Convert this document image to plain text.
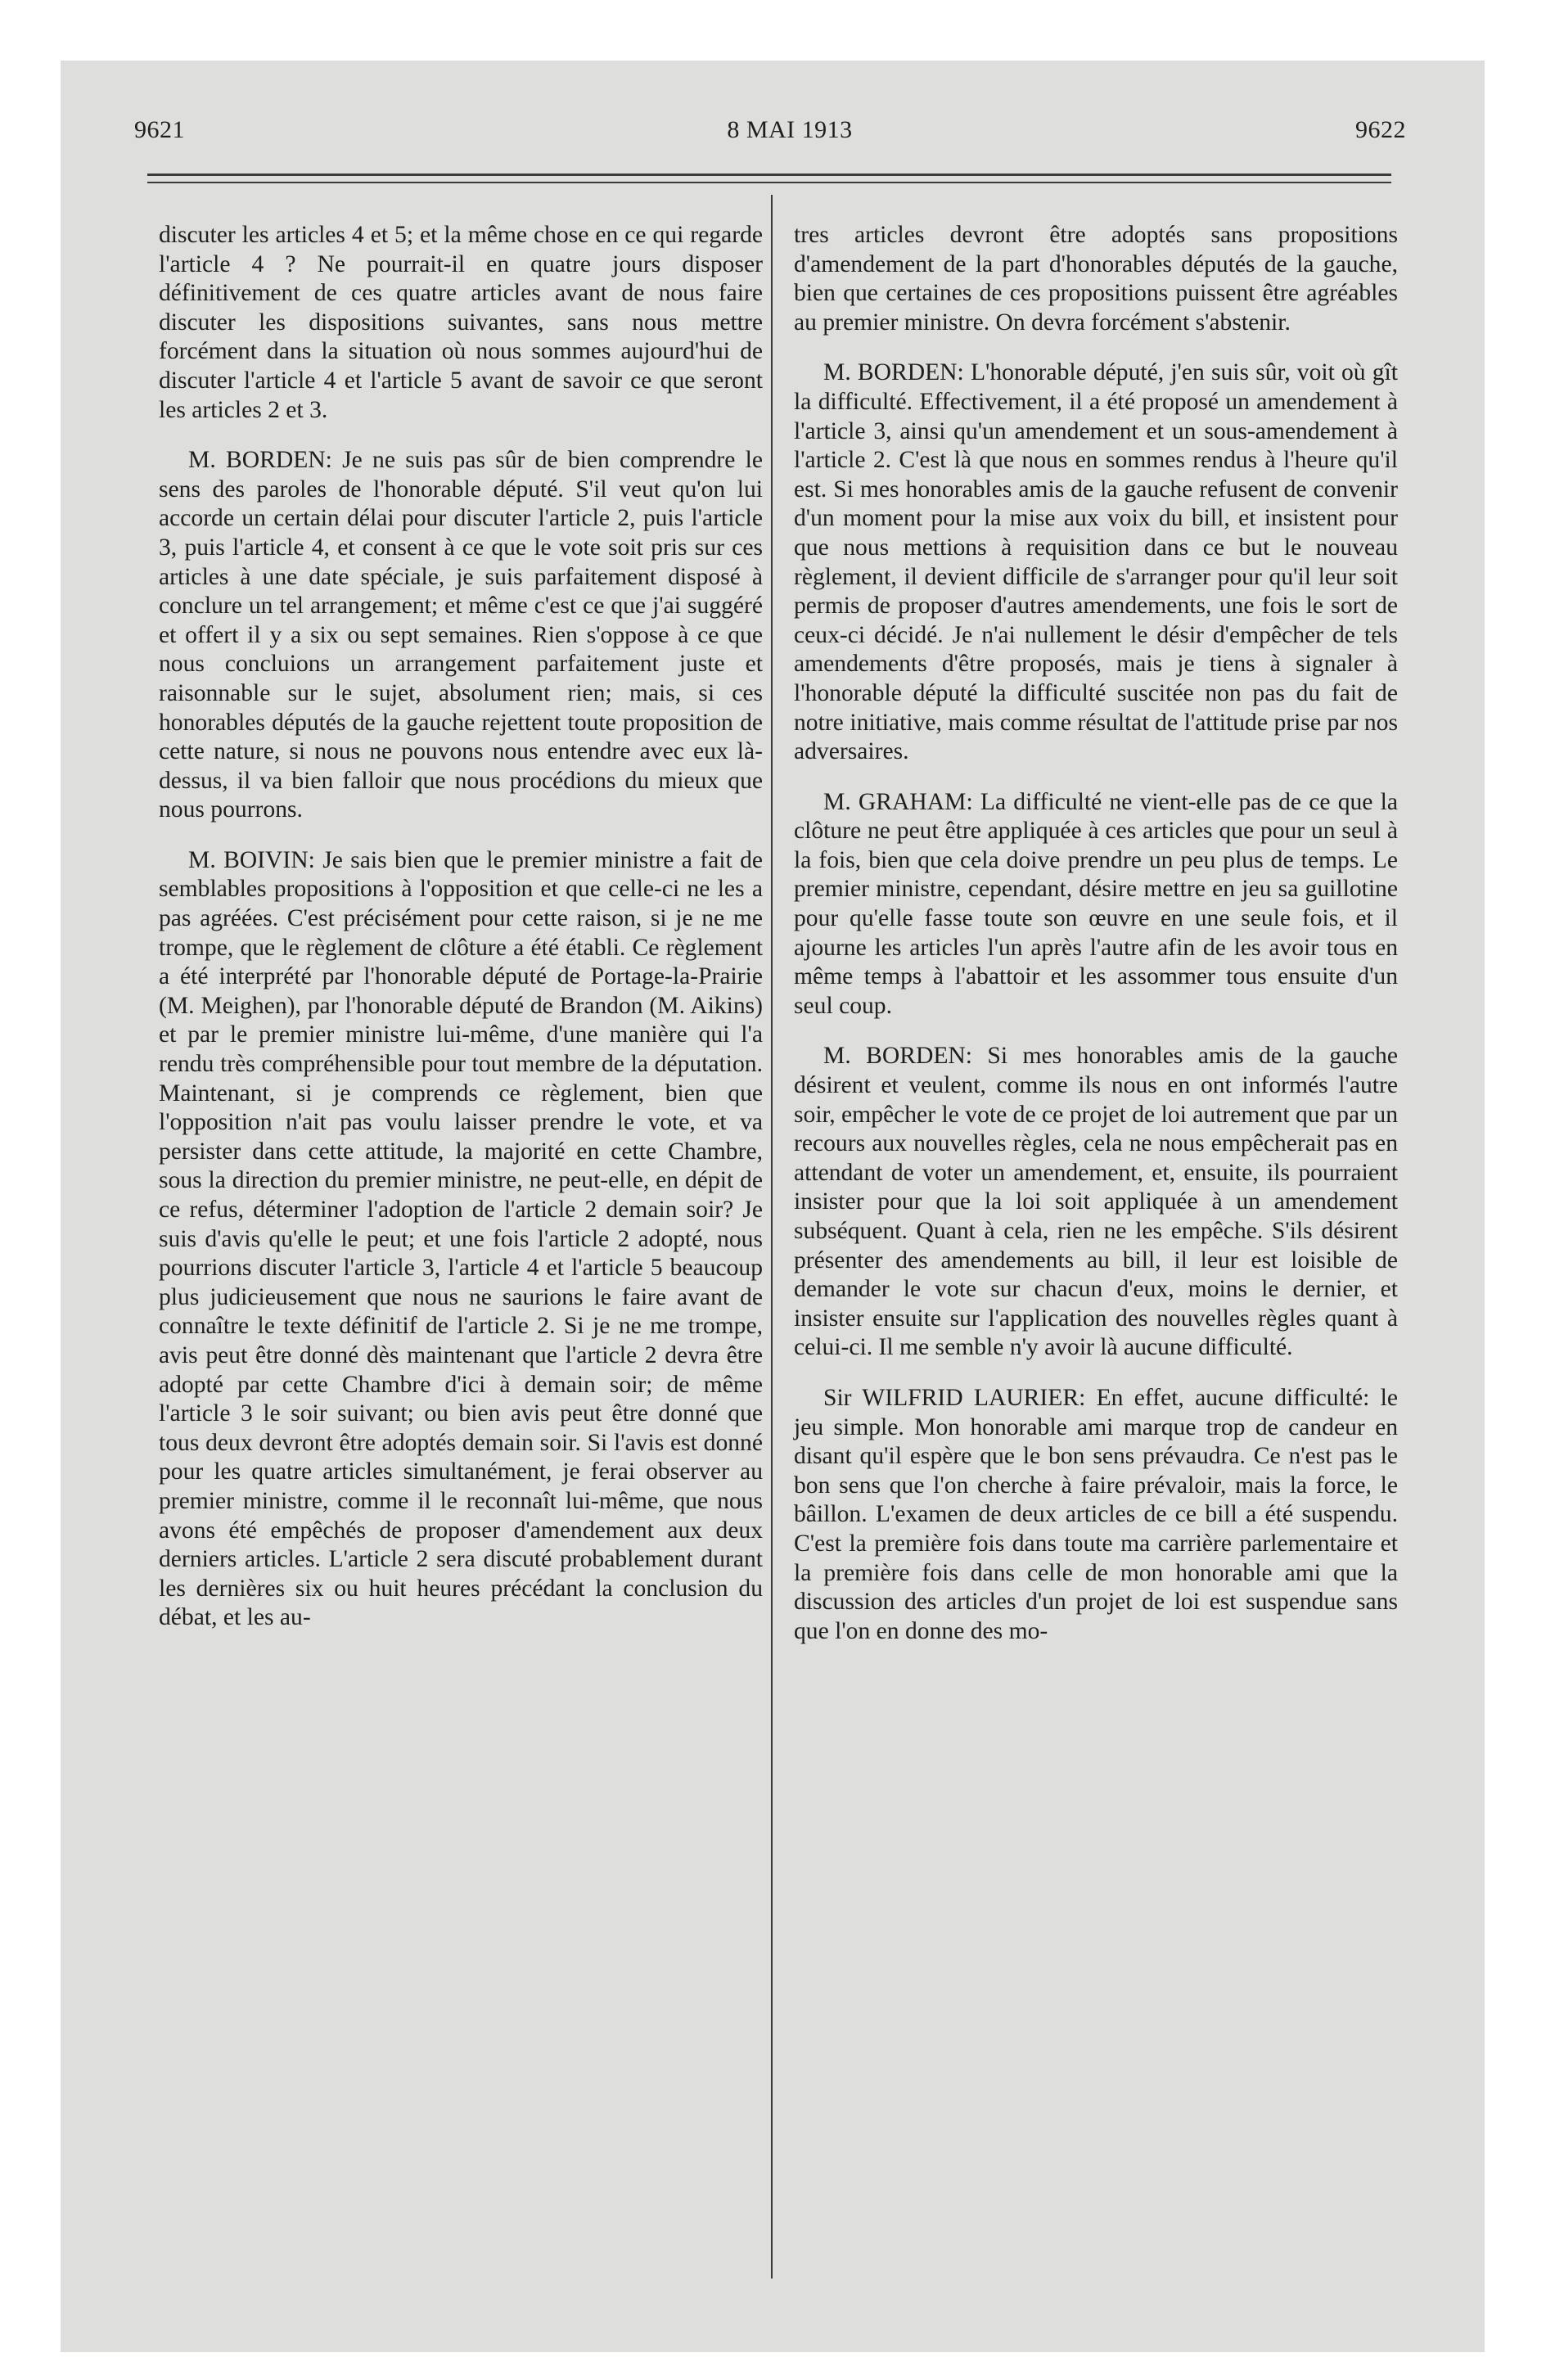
9621	8 MAI 1913	9622

discuter les articles 4 et 5; et la même chose en ce qui regarde l'article 4 ? Ne pourrait-il en quatre jours disposer définitivement de ces quatre articles avant de nous faire discuter les dispositions suivantes, sans nous mettre forcément dans la situation où nous sommes aujourd'hui de discuter l'article 4 et l'article 5 avant de savoir ce que seront les articles 2 et 3.

M. BORDEN: Je ne suis pas sûr de bien comprendre le sens des paroles de l'honorable député. S'il veut qu'on lui accorde un certain délai pour discuter l'article 2, puis l'article 3, puis l'article 4, et consent à ce que le vote soit pris sur ces articles à une date spéciale, je suis parfaitement disposé à conclure un tel arrangement; et même c'est ce que j'ai suggéré et offert il y a six ou sept semaines. Rien s'oppose à ce que nous concluions un arrangement parfaitement juste et raisonnable sur le sujet, absolument rien; mais, si ces honorables députés de la gauche rejettent toute proposition de cette nature, si nous ne pouvons nous entendre avec eux là-dessus, il va bien falloir que nous procédions du mieux que nous pourrons.

M. BOIVIN: Je sais bien que le premier ministre a fait de semblables propositions à l'opposition et que celle-ci ne les a pas agréées. C'est précisément pour cette raison, si je ne me trompe, que le règlement de clôture a été établi. Ce règlement a été interprété par l'honorable député de Portage-la-Prairie (M. Meighen), par l'honorable député de Brandon (M. Aikins) et par le premier ministre lui-même, d'une manière qui l'a rendu très compréhensible pour tout membre de la députation. Maintenant, si je comprends ce règlement, bien que l'opposition n'ait pas voulu laisser prendre le vote, et va persister dans cette attitude, la majorité en cette Chambre, sous la direction du premier ministre, ne peut-elle, en dépit de ce refus, déterminer l'adoption de l'article 2 demain soir? Je suis d'avis qu'elle le peut; et une fois l'article 2 adopté, nous pourrions discuter l'article 3, l'article 4 et l'article 5 beaucoup plus judicieusement que nous ne saurions le faire avant de connaître le texte définitif de l'article 2. Si je ne me trompe, avis peut être donné dès maintenant que l'article 2 devra être adopté par cette Chambre d'ici à demain soir; de même l'article 3 le soir suivant; ou bien avis peut être donné que tous deux devront être adoptés demain soir. Si l'avis est donné pour les quatre articles simultanément, je ferai observer au premier ministre, comme il le reconnaît lui-même, que nous avons été empêchés de proposer d'amendement aux deux derniers articles. L'article 2 sera discuté probablement durant les dernières six ou huit heures précédant la conclusion du débat, et les au-

tres articles devront être adoptés sans propositions d'amendement de la part d'honorables députés de la gauche, bien que certaines de ces propositions puissent être agréables au premier ministre. On devra forcément s'abstenir.

M. BORDEN: L'honorable député, j'en suis sûr, voit où gît la difficulté. Effectivement, il a été proposé un amendement à l'article 3, ainsi qu'un amendement et un sous-amendement à l'article 2. C'est là que nous en sommes rendus à l'heure qu'il est. Si mes honorables amis de la gauche refusent de convenir d'un moment pour la mise aux voix du bill, et insistent pour que nous mettions à requisition dans ce but le nouveau règlement, il devient difficile de s'arranger pour qu'il leur soit permis de proposer d'autres amendements, une fois le sort de ceux-ci décidé. Je n'ai nullement le désir d'empêcher de tels amendements d'être proposés, mais je tiens à signaler à l'honorable député la difficulté suscitée non pas du fait de notre initiative, mais comme résultat de l'attitude prise par nos adversaires.

M. GRAHAM: La difficulté ne vient-elle pas de ce que la clôture ne peut être appliquée à ces articles que pour un seul à la fois, bien que cela doive prendre un peu plus de temps. Le premier ministre, cependant, désire mettre en jeu sa guillotine pour qu'elle fasse toute son œuvre en une seule fois, et il ajourne les articles l'un après l'autre afin de les avoir tous en même temps à l'abattoir et les assommer tous ensuite d'un seul coup.

M. BORDEN: Si mes honorables amis de la gauche désirent et veulent, comme ils nous en ont informés l'autre soir, empêcher le vote de ce projet de loi autrement que par un recours aux nouvelles règles, cela ne nous empêcherait pas en attendant de voter un amendement, et, ensuite, ils pourraient insister pour que la loi soit appliquée à un amendement subséquent. Quant à cela, rien ne les empêche. S'ils désirent présenter des amendements au bill, il leur est loisible de demander le vote sur chacun d'eux, moins le dernier, et insister ensuite sur l'application des nouvelles règles quant à celui-ci. Il me semble n'y avoir là aucune difficulté.

Sir WILFRID LAURIER: En effet, aucune difficulté: le jeu simple. Mon honorable ami marque trop de candeur en disant qu'il espère que le bon sens prévaudra. Ce n'est pas le bon sens que l'on cherche à faire prévaloir, mais la force, le bâillon. L'examen de deux articles de ce bill a été suspendu. C'est la première fois dans toute ma carrière parlementaire et la première fois dans celle de mon honorable ami que la discussion des articles d'un projet de loi est suspendue sans que l'on en donne des mo-
